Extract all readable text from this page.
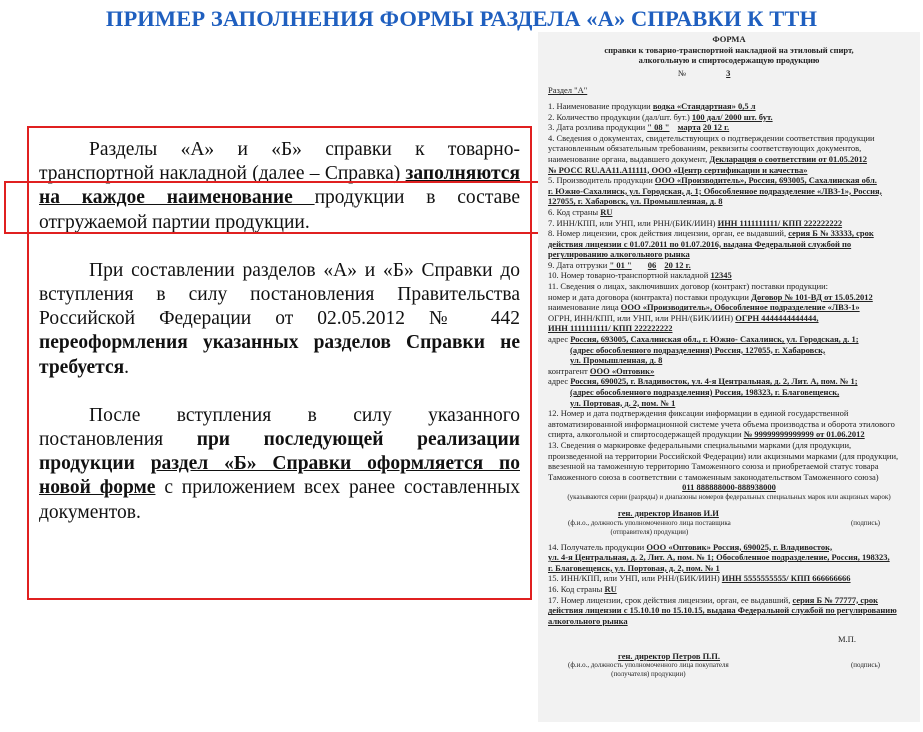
ПРИМЕР ЗАПОЛНЕНИЯ ФОРМЫ РАЗДЕЛА «А» СПРАВКИ К ТТН

Разделы «А» и «Б» справки к товарно-транспортной накладной (далее – Справка) заполняются на каждое наименование продукции в составе отгружаемой партии продукции.

При составлении разделов «А» и «Б» Справки до вступления в силу постановления Правительства Российской Федерации от 02.05.2012 № 442 переоформления указанных разделов Справки не требуется.

После вступления в силу указанного постановления при последующей реализации продукции раздел «Б» Справки оформляется по новой форме с приложением всех ранее составленных документов.

ФОРМА
справки к товарно-транспортной накладной на этиловый спирт,
алкогольную и спиртосодержащую продукцию
№	3
Раздел "А"
1. Наименование продукции водка «Стандартная» 0,5 л
2. Количество продукции (дал/шт. бут.) 100 дал/ 2000 шт. бут.
3. Дата розлива продукции " 08 " марта 20 12 г.
4. Сведения о документах, свидетельствующих о подтверждении соответствия продукции
установленным обязательным требованиям, реквизиты соответствующих документов,
наименование органа, выдавшего документ, Декларация о соответствии от 01.05.2012
№ РОСС RU.АА11.А11111, ООО «Центр сертификации и качества»
5. Производитель продукции ООО «Производитель», Россия, 693005, Сахалинская обл.
г. Южно-Сахалинск, ул. Городская, д. 1; Обособленное подразделение «ЛВЗ-1», Россия,
127055, г. Хабаровск, ул. Промышленная, д. 8
6. Код страны RU
7. ИНН/КПП, или УНП, или РНН/(БИК/ИИН) ИНН 1111111111/ КПП 222222222
8. Номер лицензии, срок действия лицензии, орган, ее выдавший, серия Б № 33333, срок
действия лицензии с 01.07.2011 по 01.07.2016, выдана Федеральной службой по
регулированию алкогольного рынка
9. Дата отгрузки " 01 " 06 20 12 г.
10. Номер товарно-транспортной накладной 12345
11. Сведения о лицах, заключивших договор (контракт) поставки продукции:
номер и дата договора (контракта) поставки продукции Договор № 101-ВД от 15.05.2012
наименование лица ООО «Производитель», Обособленное подразделение «ЛВЗ-1»
ОГРН, ИНН/КПП, или УНП, или РНН/(БИК/ИИН) ОГРН 4444444444444,
ИНН 1111111111/ КПП 222222222
адрес Россия, 693005, Сахалинская обл., г. Южно- Сахалинск, ул. Городская, д. 1;
(адрес обособленного подразделения) Россия, 127055, г. Хабаровск,
ул. Промышленная, д. 8
контрагент ООО «Оптовик»
адрес Россия, 690025, г. Владивосток, ул. 4-я Центральная, д. 2, Лит. А, пом. № 1;
(адрес обособленного подразделения) Россия, 198323, г. Благовещенск,
ул. Портовая, д. 2, пом. № 1
12. Номер и дата подтверждения фиксации информации в единой государственной
автоматизированной информационной системе учета объема производства и оборота этилового
спирта, алкогольной и спиртосодержащей продукции № 99999999999999 от 01.06.2012
13. Сведения о маркировке федеральными специальными марками (для продукции,
произведенной на территории Российской Федерации) или акцизными марками (для продукции,
ввезенной на таможенную территорию Таможенного союза и приобретаемой статус товара
Таможенного союза в соответствии с таможенным законодательством Таможенного союза)
011 888888000-888938000
(указываются серии (разряды) и диапазоны номеров федеральных специальных марок или акцизных марок)
ген. директор Иванов И.И
(ф.и.о., должность уполномоченного лица поставщика
(отправителя) продукции)
(подпись)
14. Получатель продукции ООО «Оптовик» Россия, 690025, г. Владивосток,
ул. 4-я Центральная, д. 2, Лит. А, пом. № 1; Обособленное подразделение, Россия, 198323,
г. Благовещенск, ул. Портовая, д. 2, пом. № 1
15. ИНН/КПП, или УНП, или РНН/(БИК/ИИН) ИНН 5555555555/ КПП 666666666
16. Код страны RU
17. Номер лицензии, срок действия лицензии, орган, ее выдавший, серия Б № 77777, срок
действия лицензии с 15.10.10 по 15.10.15, выдана Федеральной службой по регулированию
алкогольного рынка
М.П.
ген. директор Петров П.П.
(ф.и.о., должность уполномоченного лица покупателя
(получателя) продукции)
(подпись)
